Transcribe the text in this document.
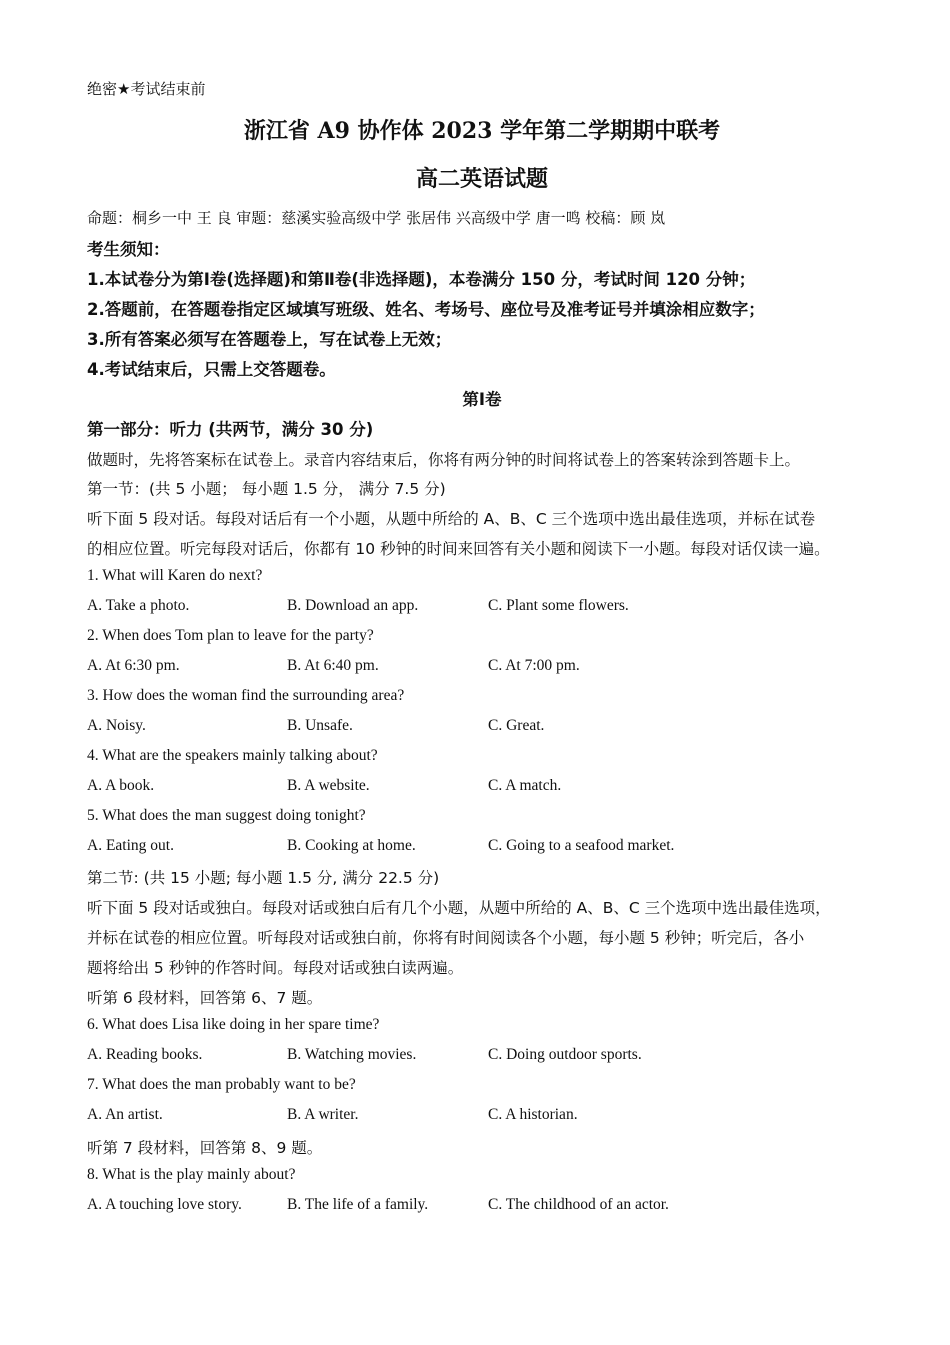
绝密★考试结束前
浙江省 A9 协作体 2023 学年第二学期期中联考
高二英语试题
命题：桐乡一中 王 良 审题：慈溪实验高级中学 张居伟 兴高级中学 唐一鸣 校稿：顾 岚
考生须知：
1.本试卷分为第Ⅰ卷(选择题)和第Ⅱ卷(非选择题)，本卷满分 150 分，考试时间 120 分钟；
2.答题前，在答题卷指定区域填写班级、姓名、考场号、座位号及准考证号并填涂相应数字；
3.所有答案必须写在答题卷上，写在试卷上无效；
4.考试结束后，只需上交答题卷。
第Ⅰ卷
第一部分：听力 (共两节，满分 30 分)
做题时，先将答案标在试卷上。录音内容结束后，你将有两分钟的时间将试卷上的答案转涂到答题卡上。
第一节：(共 5 小题； 每小题 1.5 分， 满分 7.5 分)
听下面 5 段对话。每段对话后有一个小题，从题中所给的 A、B、C 三个选项中选出最佳选项，并标在试卷
的相应位置。听完每段对话后，你都有 10 秒钟的时间来回答有关小题和阅读下一小题。每段对话仅读一遍。
1. What will Karen do next?
A. Take a photo.	B. Download an app.	C. Plant some flowers.
2. When does Tom plan to leave for the party?
A. At 6:30 pm.	B. At 6:40 pm.	C. At 7:00 pm.
3. How does the woman find the surrounding area?
A. Noisy.	B. Unsafe.	C. Great.
4. What are the speakers mainly talking about?
A. A book.	B. A website.	C. A match.
5. What does the man suggest doing tonight?
A. Eating out.	B. Cooking at home.	C. Going to a seafood market.
第二节: (共 15 小题; 每小题 1.5 分, 满分 22.5 分)
听下面 5 段对话或独白。每段对话或独白后有几个小题，从题中所给的 A、B、C 三个选项中选出最佳选项，
并标在试卷的相应位置。听每段对话或独白前，你将有时间阅读各个小题，每小题 5 秒钟；听完后，各小
题将给出 5 秒钟的作答时间。每段对话或独白读两遍。
听第 6 段材料，回答第 6、7 题。
6. What does Lisa like doing in her spare time?
A. Reading books.	B. Watching movies.	C. Doing outdoor sports.
7. What does the man probably want to be?
A. An artist.	B. A writer.	C. A historian.
听第 7 段材料，回答第 8、9 题。
8. What is the play mainly about?
A. A touching love story.	B. The life of a family.	C. The childhood of an actor.
